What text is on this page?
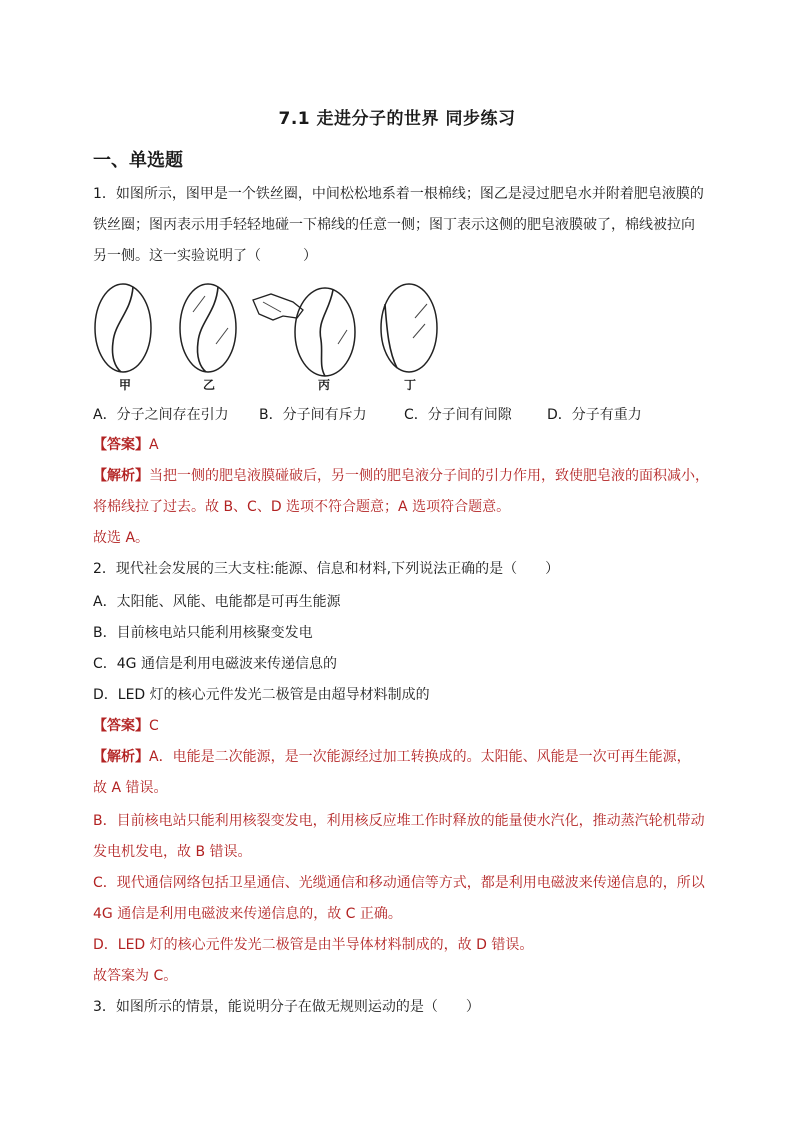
7.1 走进分子的世界 同步练习
一、单选题
1．如图所示，图甲是一个铁丝圈，中间松松地系着一根棉线；图乙是浸过肥皂水并附着肥皂液膜的
铁丝圈；图丙表示用手轻轻地碰一下棉线的任意一侧；图丁表示这侧的肥皂液膜破了，棉线被拉向
另一侧。这一实验说明了（　　　）
甲	乙	丙	丁
A．分子之间存在引力 B．分子间有斥力	C．分子间有间隙	D．分子有重力
【答案】A
【解析】当把一侧的肥皂液膜碰破后，另一侧的肥皂液分子间的引力作用，致使肥皂液的面积减小，
将棉线拉了过去。故 B、C、D 选项不符合题意；A 选项符合题意。
故选 A。
2．现代社会发展的三大支柱:能源、信息和材料,下列说法正确的是（　　）
A．太阳能、风能、电能都是可再生能源
B．目前核电站只能利用核聚变发电
C．4G 通信是利用电磁波来传递信息的
D．LED 灯的核心元件发光二极管是由超导材料制成的
【答案】C
【解析】A．电能是二次能源，是一次能源经过加工转换成的。太阳能、风能是一次可再生能源，
故 A 错误。
B．目前核电站只能利用核裂变发电，利用核反应堆工作时释放的能量使水汽化，推动蒸汽轮机带动
发电机发电，故 B 错误。
C．现代通信网络包括卫星通信、光缆通信和移动通信等方式，都是利用电磁波来传递信息的，所以
4G 通信是利用电磁波来传递信息的，故 C 正确。
D．LED 灯的核心元件发光二极管是由半导体材料制成的，故 D 错误。
故答案为 C。
3．如图所示的情景，能说明分子在做无规则运动的是（　　）
